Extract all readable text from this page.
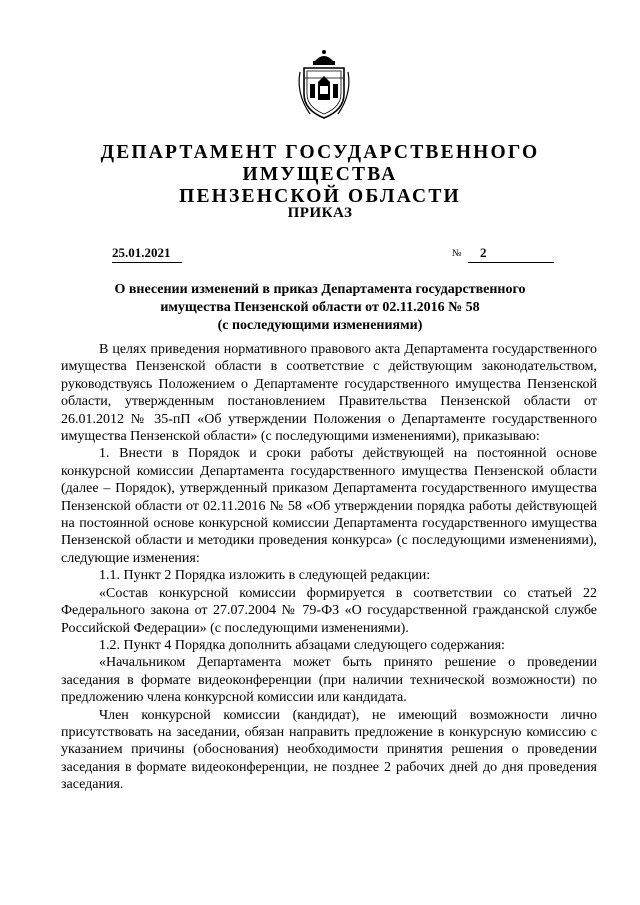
ДЕПАРТАМЕНТ ГОСУДАРСТВЕННОГО ИМУЩЕСТВА
ПЕНЗЕНСКОЙ ОБЛАСТИ
ПРИКАЗ
25.01.2021	№	2
О внесении изменений в приказ Департамента государственного
имущества Пензенской области от 02.11.2016 № 58
(с последующими изменениями)

В целях приведения нормативного правового акта Департамента государственного имущества Пензенской области в соответствие с действующим законодательством, руководствуясь Положением о Департаменте государственного имущества Пензенской области, утвержденным постановлением Правительства Пензенской области от 26.01.2012 № 35-пП «Об утверждении Положения о Департаменте государственного имущества Пензенской области» (с последующими изменениями), приказываю:

1. Внести в Порядок и сроки работы действующей на постоянной основе конкурсной комиссии Департамента государственного имущества Пензенской области (далее – Порядок), утвержденный приказом Департамента государственного имущества Пензенской области от 02.11.2016 № 58 «Об утверждении порядка работы действующей на постоянной основе конкурсной комиссии Департамента государственного имущества Пензенской области и методики проведения конкурса» (с последующими изменениями), следующие изменения:

1.1. Пункт 2 Порядка изложить в следующей редакции:

«Состав конкурсной комиссии формируется в соответствии со статьей 22 Федерального закона от 27.07.2004 № 79-ФЗ «О государственной гражданской службе Российской Федерации» (с последующими изменениями).

1.2. Пункт 4 Порядка дополнить абзацами следующего содержания:

«Начальником Департамента может быть принято решение о проведении заседания в формате видеоконференции (при наличии технической возможности) по предложению члена конкурсной комиссии или кандидата.

Член конкурсной комиссии (кандидат), не имеющий возможности лично присутствовать на заседании, обязан направить предложение в конкурсную комиссию с указанием причины (обоснования) необходимости принятия решения о проведении заседания в формате видеоконференции, не позднее 2 рабочих дней до дня проведения заседания.
